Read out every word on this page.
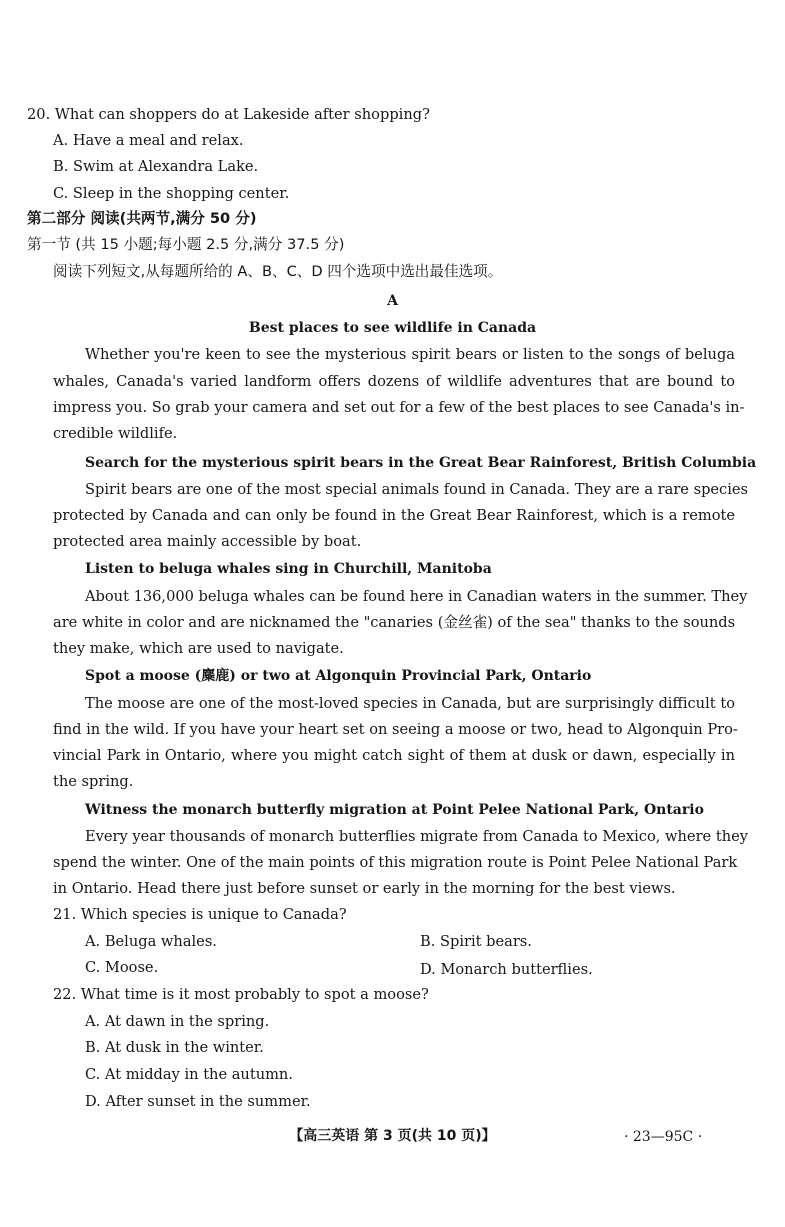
20. What can shoppers do at Lakeside after shopping?
A. Have a meal and relax.
B. Swim at Alexandra Lake.
C. Sleep in the shopping center.
第二部分 阅读(共两节,满分 50 分)
第一节 (共 15 小题;每小题 2.5 分,满分 37.5 分)
阅读下列短文,从每题所给的 A、B、C、D 四个选项中选出最佳选项。
A
Best places to see wildlife in Canada
Whether you're keen to see the mysterious spirit bears or listen to the songs of beluga
whales, Canada's varied landform offers dozens of wildlife adventures that are bound to
impress you. So grab your camera and set out for a few of the best places to see Canada's in-
credible wildlife.
Search for the mysterious spirit bears in the Great Bear Rainforest, British Columbia
Spirit bears are one of the most special animals found in Canada. They are a rare species
protected by Canada and can only be found in the Great Bear Rainforest, which is a remote
protected area mainly accessible by boat.
Listen to beluga whales sing in Churchill, Manitoba
About 136,000 beluga whales can be found here in Canadian waters in the summer. They
are white in color and are nicknamed the "canaries (金丝雀) of the sea" thanks to the sounds
they make, which are used to navigate.
Spot a moose (麋鹿) or two at Algonquin Provincial Park, Ontario
The moose are one of the most-loved species in Canada, but are surprisingly difficult to
find in the wild. If you have your heart set on seeing a moose or two, head to Algonquin Pro-
vincial Park in Ontario, where you might catch sight of them at dusk or dawn, especially in
the spring.
Witness the monarch butterfly migration at Point Pelee National Park, Ontario
Every year thousands of monarch butterflies migrate from Canada to Mexico, where they
spend the winter. One of the main points of this migration route is Point Pelee National Park
in Ontario. Head there just before sunset or early in the morning for the best views.
21. Which species is unique to Canada?
A. Beluga whales.	B. Spirit bears.
C. Moose.	D. Monarch butterflies.
22. What time is it most probably to spot a moose?
A. At dawn in the spring.
B. At dusk in the winter.
C. At midday in the autumn.
D. After sunset in the summer.
【高三英语 第 3 页(共 10 页)】	· 23—95C ·
